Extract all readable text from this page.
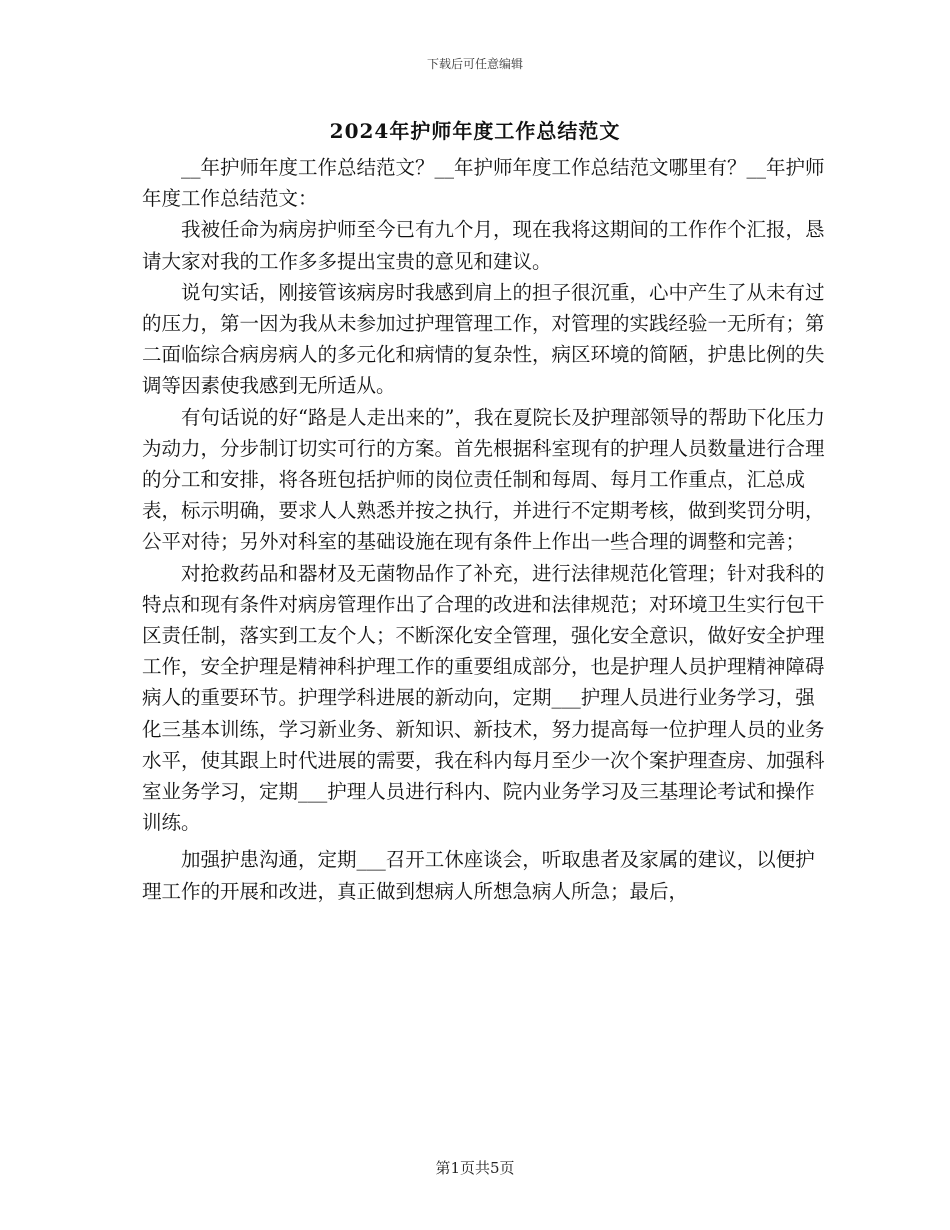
下载后可任意编辑
2024年护师年度工作总结范文

__年护师年度工作总结范文？__年护师年度工作总结范文哪里有？__年护师年度工作总结范文：

我被任命为病房护师至今已有九个月，现在我将这期间的工作作个汇报，恳请大家对我的工作多多提出宝贵的意见和建议。

说句实话，刚接管该病房时我感到肩上的担子很沉重，心中产生了从未有过的压力，第一因为我从未参加过护理管理工作，对管理的实践经验一无所有；第二面临综合病房病人的多元化和病情的复杂性，病区环境的简陋，护患比例的失调等因素使我感到无所适从。

有句话说的好“路是人走出来的”，我在夏院长及护理部领导的帮助下化压力为动力，分步制订切实可行的方案。首先根据科室现有的护理人员数量进行合理的分工和安排，将各班包括护师的岗位责任制和每周、每月工作重点，汇总成表，标示明确，要求人人熟悉并按之执行，并进行不定期考核，做到奖罚分明，公平对待；另外对科室的基础设施在现有条件上作出一些合理的调整和完善；

对抢救药品和器材及无菌物品作了补充，进行法律规范化管理；针对我科的特点和现有条件对病房管理作出了合理的改进和法律规范；对环境卫生实行包干区责任制，落实到工友个人；不断深化安全管理，强化安全意识，做好安全护理工作，安全护理是精神科护理工作的重要组成部分，也是护理人员护理精神障碍病人的重要环节。护理学科进展的新动向，定期___护理人员进行业务学习，强化三基本训练，学习新业务、新知识、新技术，努力提高每一位护理人员的业务水平，使其跟上时代进展的需要，我在科内每月至少一次个案护理查房、加强科室业务学习，定期___护理人员进行科内、院内业务学习及三基理论考试和操作训练。

加强护患沟通，定期___召开工休座谈会，听取患者及家属的建议，以便护理工作的开展和改进，真正做到想病人所想急病人所急；最后，

第1页共5页
